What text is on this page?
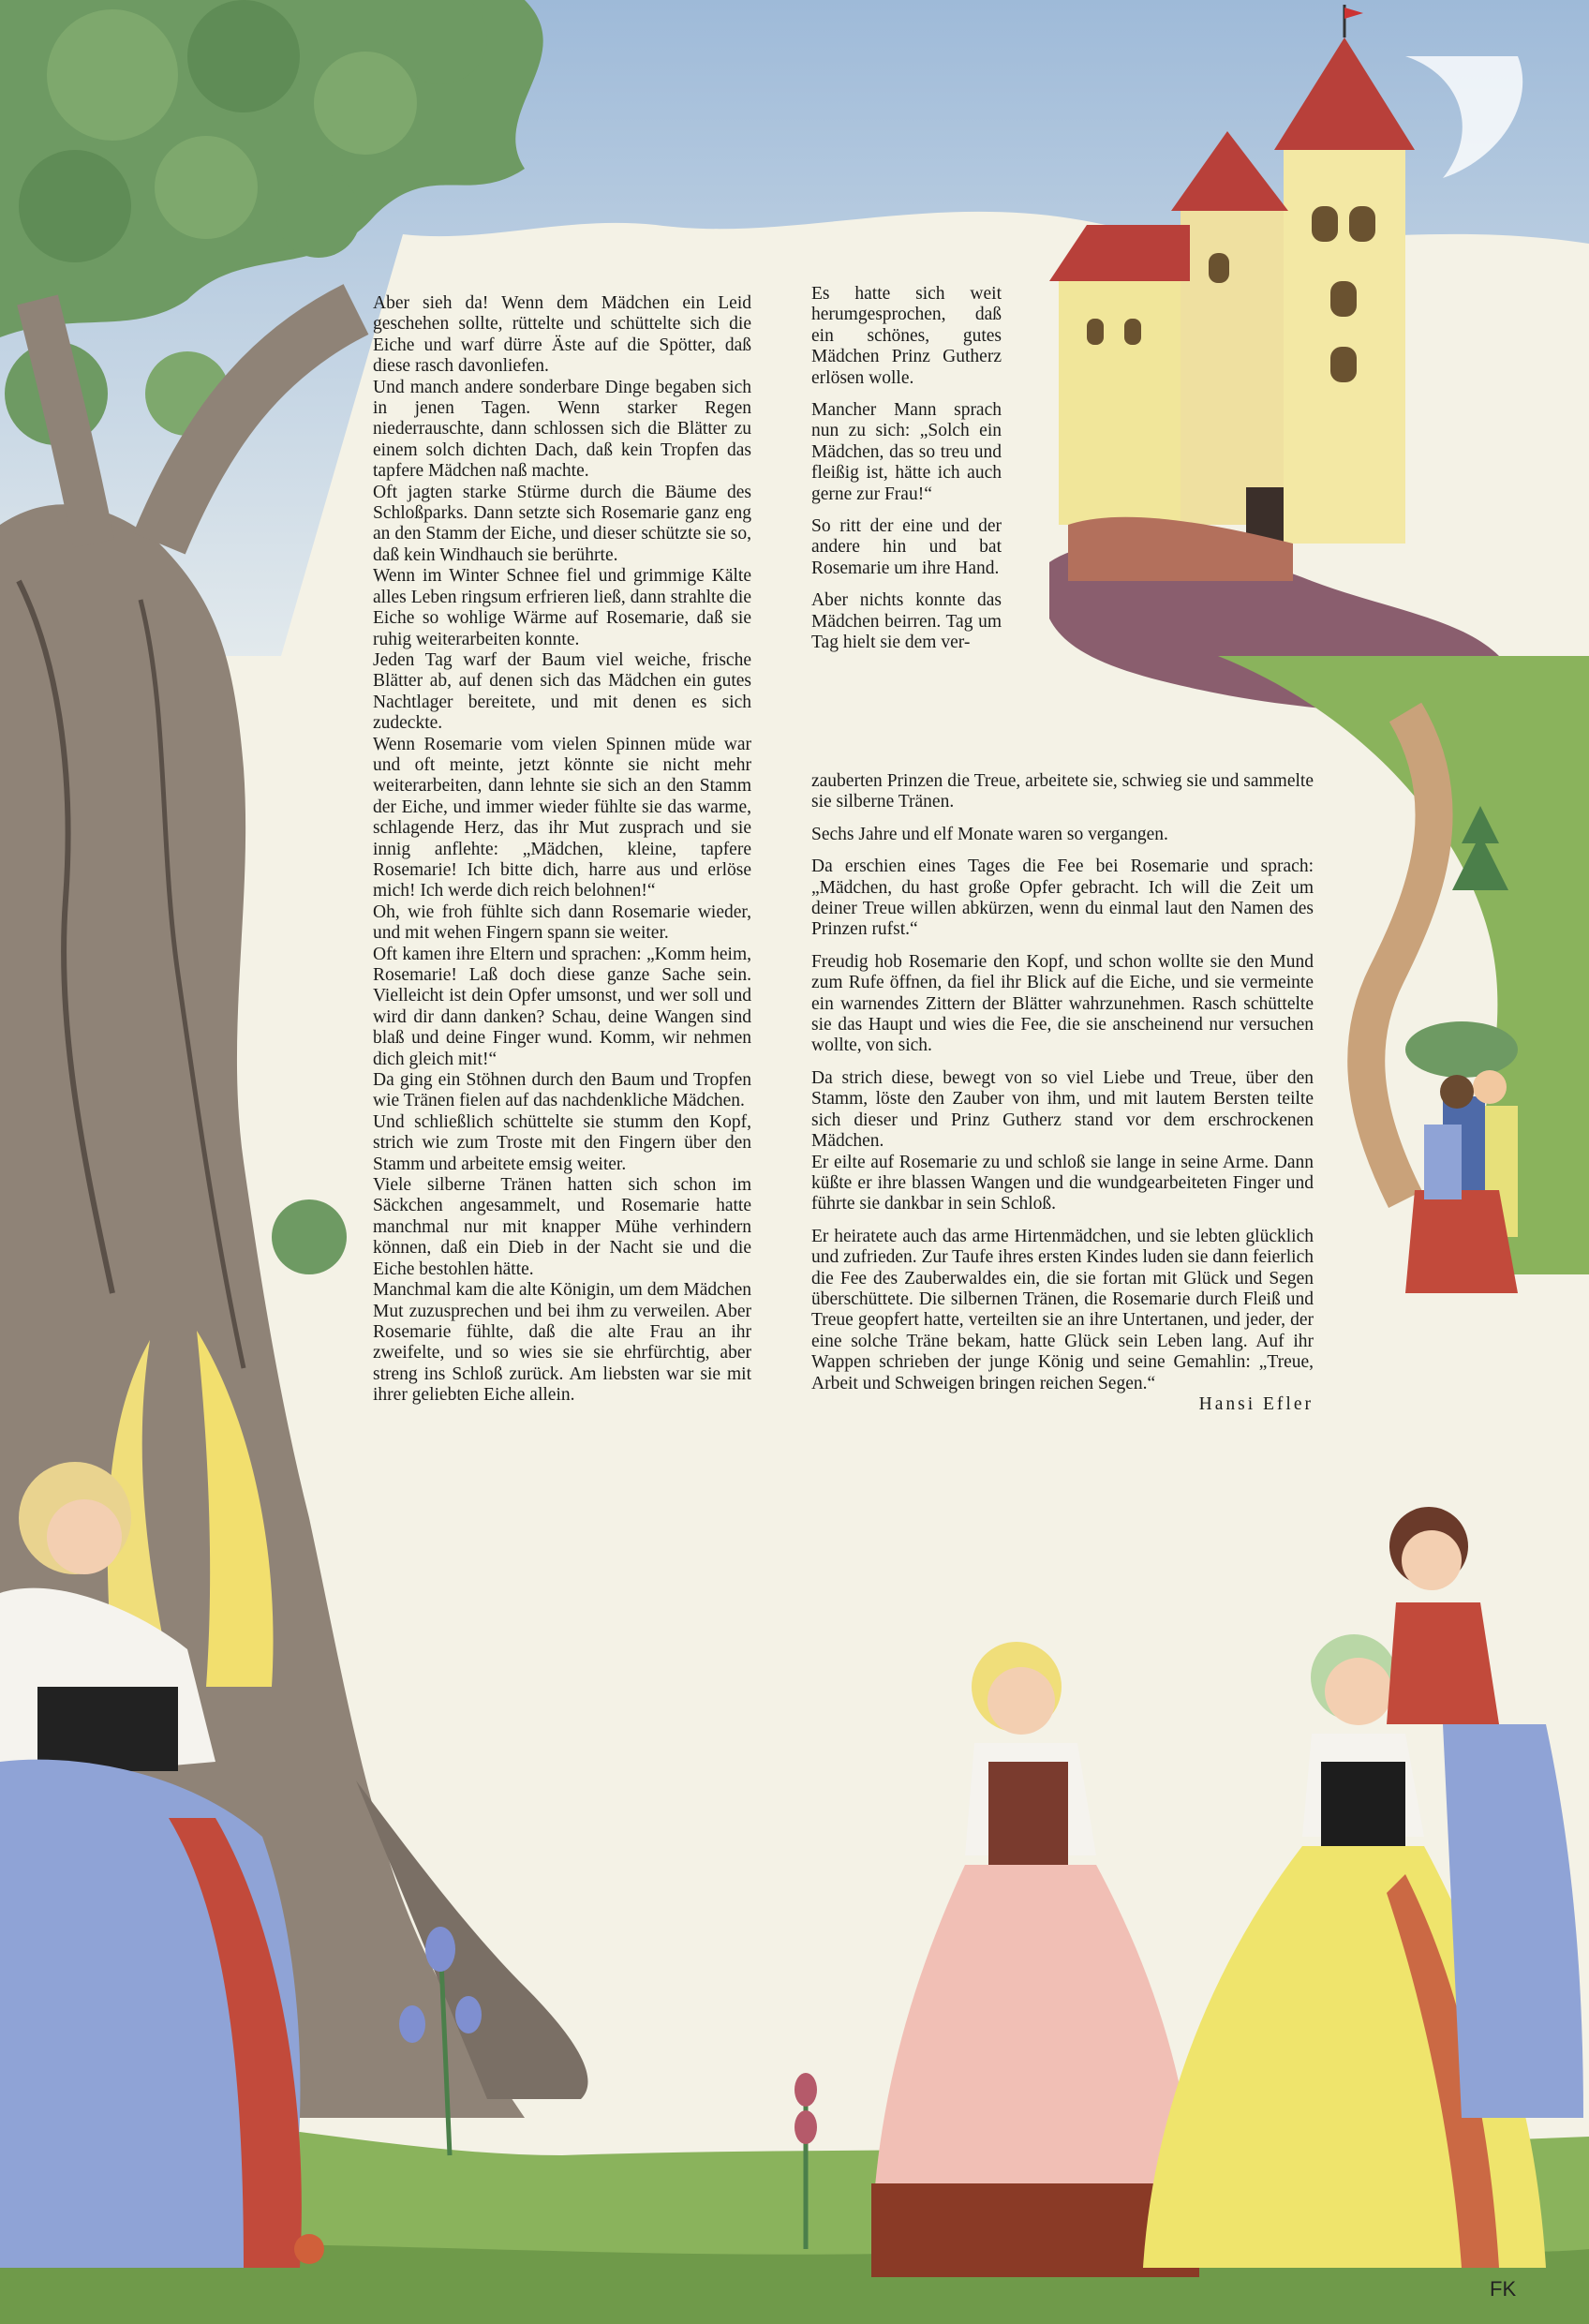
Aber sieh da! Wenn dem Mädchen ein Leid geschehen sollte, rüttelte und schüttelte sich die Eiche und warf dürre Äste auf die Spötter, daß diese rasch davonliefen.

Und manch andere sonderbare Dinge begaben sich in jenen Tagen. Wenn starker Regen niederrauschte, dann schlossen sich die Blätter zu einem solch dichten Dach, daß kein Tropfen das tapfere Mädchen naß machte.

Oft jagten starke Stürme durch die Bäume des Schloßparks. Dann setzte sich Rosemarie ganz eng an den Stamm der Eiche, und dieser schützte sie so, daß kein Windhauch sie berührte.

Wenn im Winter Schnee fiel und grimmige Kälte alles Leben ringsum erfrieren ließ, dann strahlte die Eiche so wohlige Wärme auf Rosemarie, daß sie ruhig weiterarbeiten konnte.

Jeden Tag warf der Baum viel weiche, frische Blätter ab, auf denen sich das Mädchen ein gutes Nachtlager bereitete, und mit denen es sich zudeckte.

Wenn Rosemarie vom vielen Spinnen müde war und oft meinte, jetzt könnte sie nicht mehr weiterarbeiten, dann lehnte sie sich an den Stamm der Eiche, und immer wieder fühlte sie das warme, schlagende Herz, das ihr Mut zusprach und sie innig anflehte: „Mädchen, kleine, tapfere Rosemarie! Ich bitte dich, harre aus und erlöse mich! Ich werde dich reich belohnen!“

Oh, wie froh fühlte sich dann Rosemarie wieder, und mit wehen Fingern spann sie weiter.

Oft kamen ihre Eltern und sprachen: „Komm heim, Rosemarie! Laß doch diese ganze Sache sein. Vielleicht ist dein Opfer umsonst, und wer soll und wird dir dann danken? Schau, deine Wangen sind blaß und deine Finger wund. Komm, wir nehmen dich gleich mit!“

Da ging ein Stöhnen durch den Baum und Tropfen wie Tränen fielen auf das nachdenkliche Mädchen.

Und schließlich schüttelte sie stumm den Kopf, strich wie zum Troste mit den Fingern über den Stamm und arbeitete emsig weiter.

Viele silberne Tränen hatten sich schon im Säckchen angesammelt, und Rosemarie hatte manchmal nur mit knapper Mühe verhindern können, daß ein Dieb in der Nacht sie und die Eiche bestohlen hätte.

Manchmal kam die alte Königin, um dem Mädchen Mut zuzusprechen und bei ihm zu verweilen. Aber Rosemarie fühlte, daß die alte Frau an ihr zweifelte, und so wies sie sie ehrfürchtig, aber streng ins Schloß zurück. Am liebsten war sie mit ihrer geliebten Eiche allein.

Es hatte sich weit herumgesprochen, daß ein schönes, gutes Mädchen Prinz Gutherz erlösen wolle.

Mancher Mann sprach nun zu sich: „Solch ein Mädchen, das so treu und fleißig ist, hätte ich auch gerne zur Frau!“

So ritt der eine und der andere hin und bat Rosemarie um ihre Hand.

Aber nichts konnte das Mädchen beirren. Tag um Tag hielt sie dem ver-

zauberten Prinzen die Treue, arbeitete sie, schwieg sie und sammelte sie silberne Tränen.

Sechs Jahre und elf Monate waren so vergangen.

Da erschien eines Tages die Fee bei Rosemarie und sprach: „Mädchen, du hast große Opfer gebracht. Ich will die Zeit um deiner Treue willen abkürzen, wenn du einmal laut den Namen des Prinzen rufst.“

Freudig hob Rosemarie den Kopf, und schon wollte sie den Mund zum Rufe öffnen, da fiel ihr Blick auf die Eiche, und sie vermeinte ein warnendes Zittern der Blätter wahrzunehmen. Rasch schüttelte sie das Haupt und wies die Fee, die sie anscheinend nur versuchen wollte, von sich.

Da strich diese, bewegt von so viel Liebe und Treue, über den Stamm, löste den Zauber von ihm, und mit lautem Bersten teilte sich dieser und Prinz Gutherz stand vor dem erschrockenen Mädchen.

Er eilte auf Rosemarie zu und schloß sie lange in seine Arme. Dann küßte er ihre blassen Wangen und die wundgearbeiteten Finger und führte sie dankbar in sein Schloß.

Er heiratete auch das arme Hirtenmädchen, und sie lebten glücklich und zufrieden. Zur Taufe ihres ersten Kindes luden sie dann feierlich die Fee des Zauberwaldes ein, die sie fortan mit Glück und Segen überschüttete. Die silbernen Tränen, die Rosemarie durch Fleiß und Treue geopfert hatte, verteilten sie an ihre Untertanen, und jeder, der eine solche Träne bekam, hatte Glück sein Leben lang. Auf ihr Wappen schrieben der junge König und seine Gemahlin: „Treue, Arbeit und Schweigen bringen reichen Segen.“

Hansi Efler

FK
